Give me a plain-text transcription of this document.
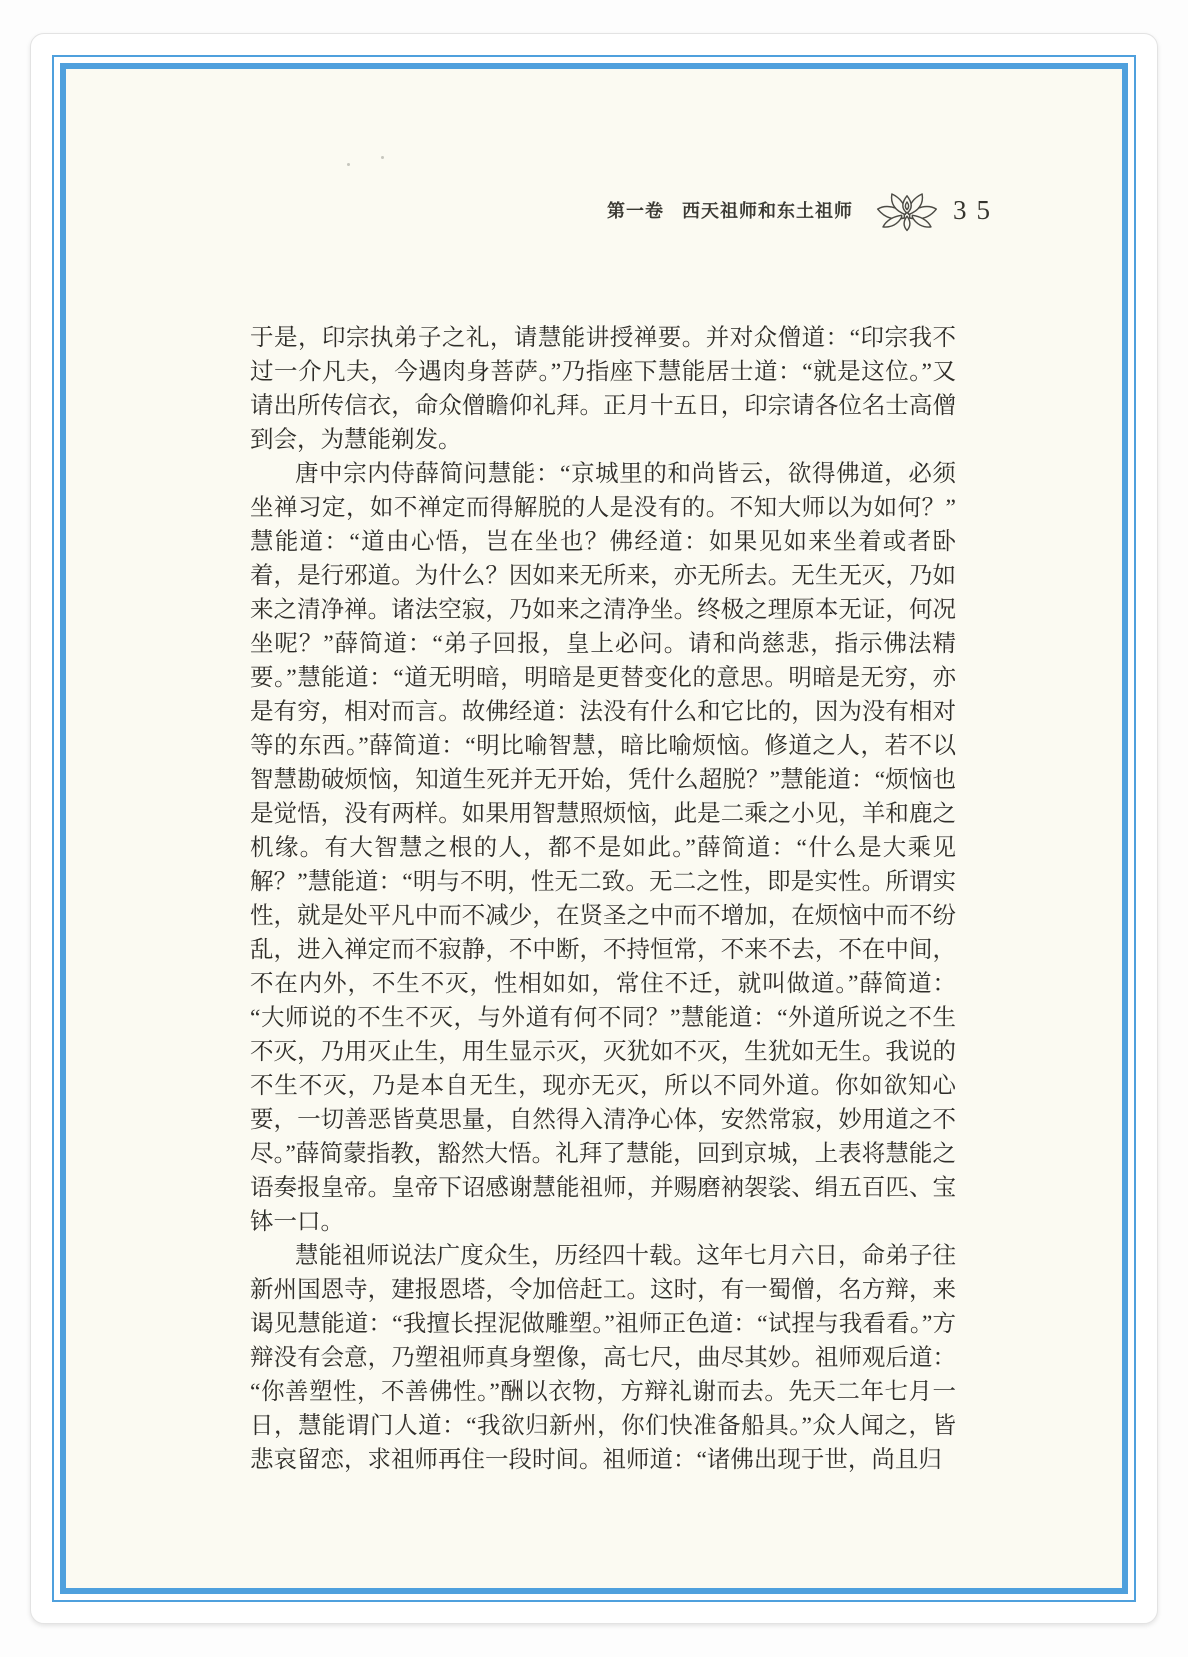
第一卷 西天祖师和东土祖师	35

于是，印宗执弟子之礼，请慧能讲授禅要。并对众僧道：“印宗我不过一介凡夫，今遇肉身菩萨。”乃指座下慧能居士道：“就是这位。”又请出所传信衣，命众僧瞻仰礼拜。正月十五日，印宗请各位名士高僧到会，为慧能剃发。

唐中宗内侍薛简问慧能：“京城里的和尚皆云，欲得佛道，必须坐禅习定，如不禅定而得解脱的人是没有的。不知大师以为如何？”慧能道：“道由心悟，岂在坐也？佛经道：如果见如来坐着或者卧着，是行邪道。为什么？因如来无所来，亦无所去。无生无灭，乃如来之清净禅。诸法空寂，乃如来之清净坐。终极之理原本无证，何况坐呢？”薛简道：“弟子回报，皇上必问。请和尚慈悲，指示佛法精要。”慧能道：“道无明暗，明暗是更替变化的意思。明暗是无穷，亦是有穷，相对而言。故佛经道：法没有什么和它比的，因为没有相对等的东西。”薛简道：“明比喻智慧，暗比喻烦恼。修道之人，若不以智慧勘破烦恼，知道生死并无开始，凭什么超脱？”慧能道：“烦恼也是觉悟，没有两样。如果用智慧照烦恼，此是二乘之小见，羊和鹿之机缘。有大智慧之根的人，都不是如此。”薛简道：“什么是大乘见解？”慧能道：“明与不明，性无二致。无二之性，即是实性。所谓实性，就是处平凡中而不减少，在贤圣之中而不增加，在烦恼中而不纷乱，进入禅定而不寂静，不中断，不持恒常，不来不去，不在中间，不在内外，不生不灭，性相如如，常住不迁，就叫做道。”薛简道：“大师说的不生不灭，与外道有何不同？”慧能道：“外道所说之不生不灭，乃用灭止生，用生显示灭，灭犹如不灭，生犹如无生。我说的不生不灭，乃是本自无生，现亦无灭，所以不同外道。你如欲知心要，一切善恶皆莫思量，自然得入清净心体，安然常寂，妙用道之不尽。”薛简蒙指教，豁然大悟。礼拜了慧能，回到京城，上表将慧能之语奏报皇帝。皇帝下诏感谢慧能祖师，并赐磨衲袈裟、绢五百匹、宝钵一口。

慧能祖师说法广度众生，历经四十载。这年七月六日，命弟子往新州国恩寺，建报恩塔，令加倍赶工。这时，有一蜀僧，名方辩，来谒见慧能道：“我擅长捏泥做雕塑。”祖师正色道：“试捏与我看看。”方辩没有会意，乃塑祖师真身塑像，高七尺，曲尽其妙。祖师观后道：“你善塑性，不善佛性。”酬以衣物，方辩礼谢而去。先天二年七月一日，慧能谓门人道：“我欲归新州，你们快准备船具。”众人闻之，皆悲哀留恋，求祖师再住一段时间。祖师道：“诸佛出现于世，尚且归
